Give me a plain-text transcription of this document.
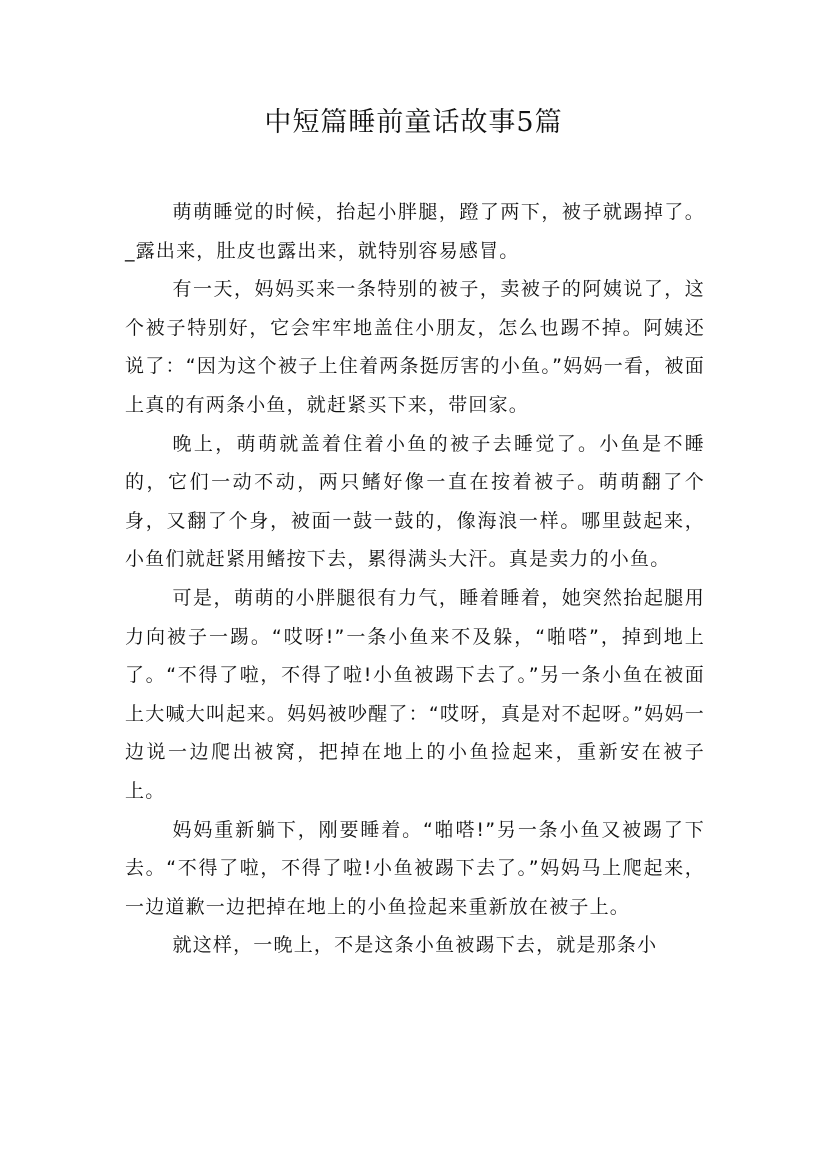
中短篇睡前童话故事5篇

萌萌睡觉的时候，抬起小胖腿，蹬了两下，被子就踢掉了。_露出来，肚皮也露出来，就特别容易感冒。

有一天，妈妈买来一条特别的被子，卖被子的阿姨说了，这个被子特别好，它会牢牢地盖住小朋友，怎么也踢不掉。阿姨还说了：“因为这个被子上住着两条挺厉害的小鱼。”妈妈一看，被面上真的有两条小鱼，就赶紧买下来，带回家。

晚上，萌萌就盖着住着小鱼的被子去睡觉了。小鱼是不睡的，它们一动不动，两只鳍好像一直在按着被子。萌萌翻了个身，又翻了个身，被面一鼓一鼓的，像海浪一样。哪里鼓起来，小鱼们就赶紧用鳍按下去，累得满头大汗。真是卖力的小鱼。

可是，萌萌的小胖腿很有力气，睡着睡着，她突然抬起腿用力向被子一踢。“哎呀!”一条小鱼来不及躲，“啪嗒”，掉到地上了。“不得了啦，不得了啦!小鱼被踢下去了。”另一条小鱼在被面上大喊大叫起来。妈妈被吵醒了：“哎呀，真是对不起呀。”妈妈一边说一边爬出被窝，把掉在地上的小鱼捡起来，重新安在被子上。

妈妈重新躺下，刚要睡着。“啪嗒!”另一条小鱼又被踢了下去。“不得了啦，不得了啦!小鱼被踢下去了。”妈妈马上爬起来，一边道歉一边把掉在地上的小鱼捡起来重新放在被子上。

就这样，一晚上，不是这条小鱼被踢下去，就是那条小
